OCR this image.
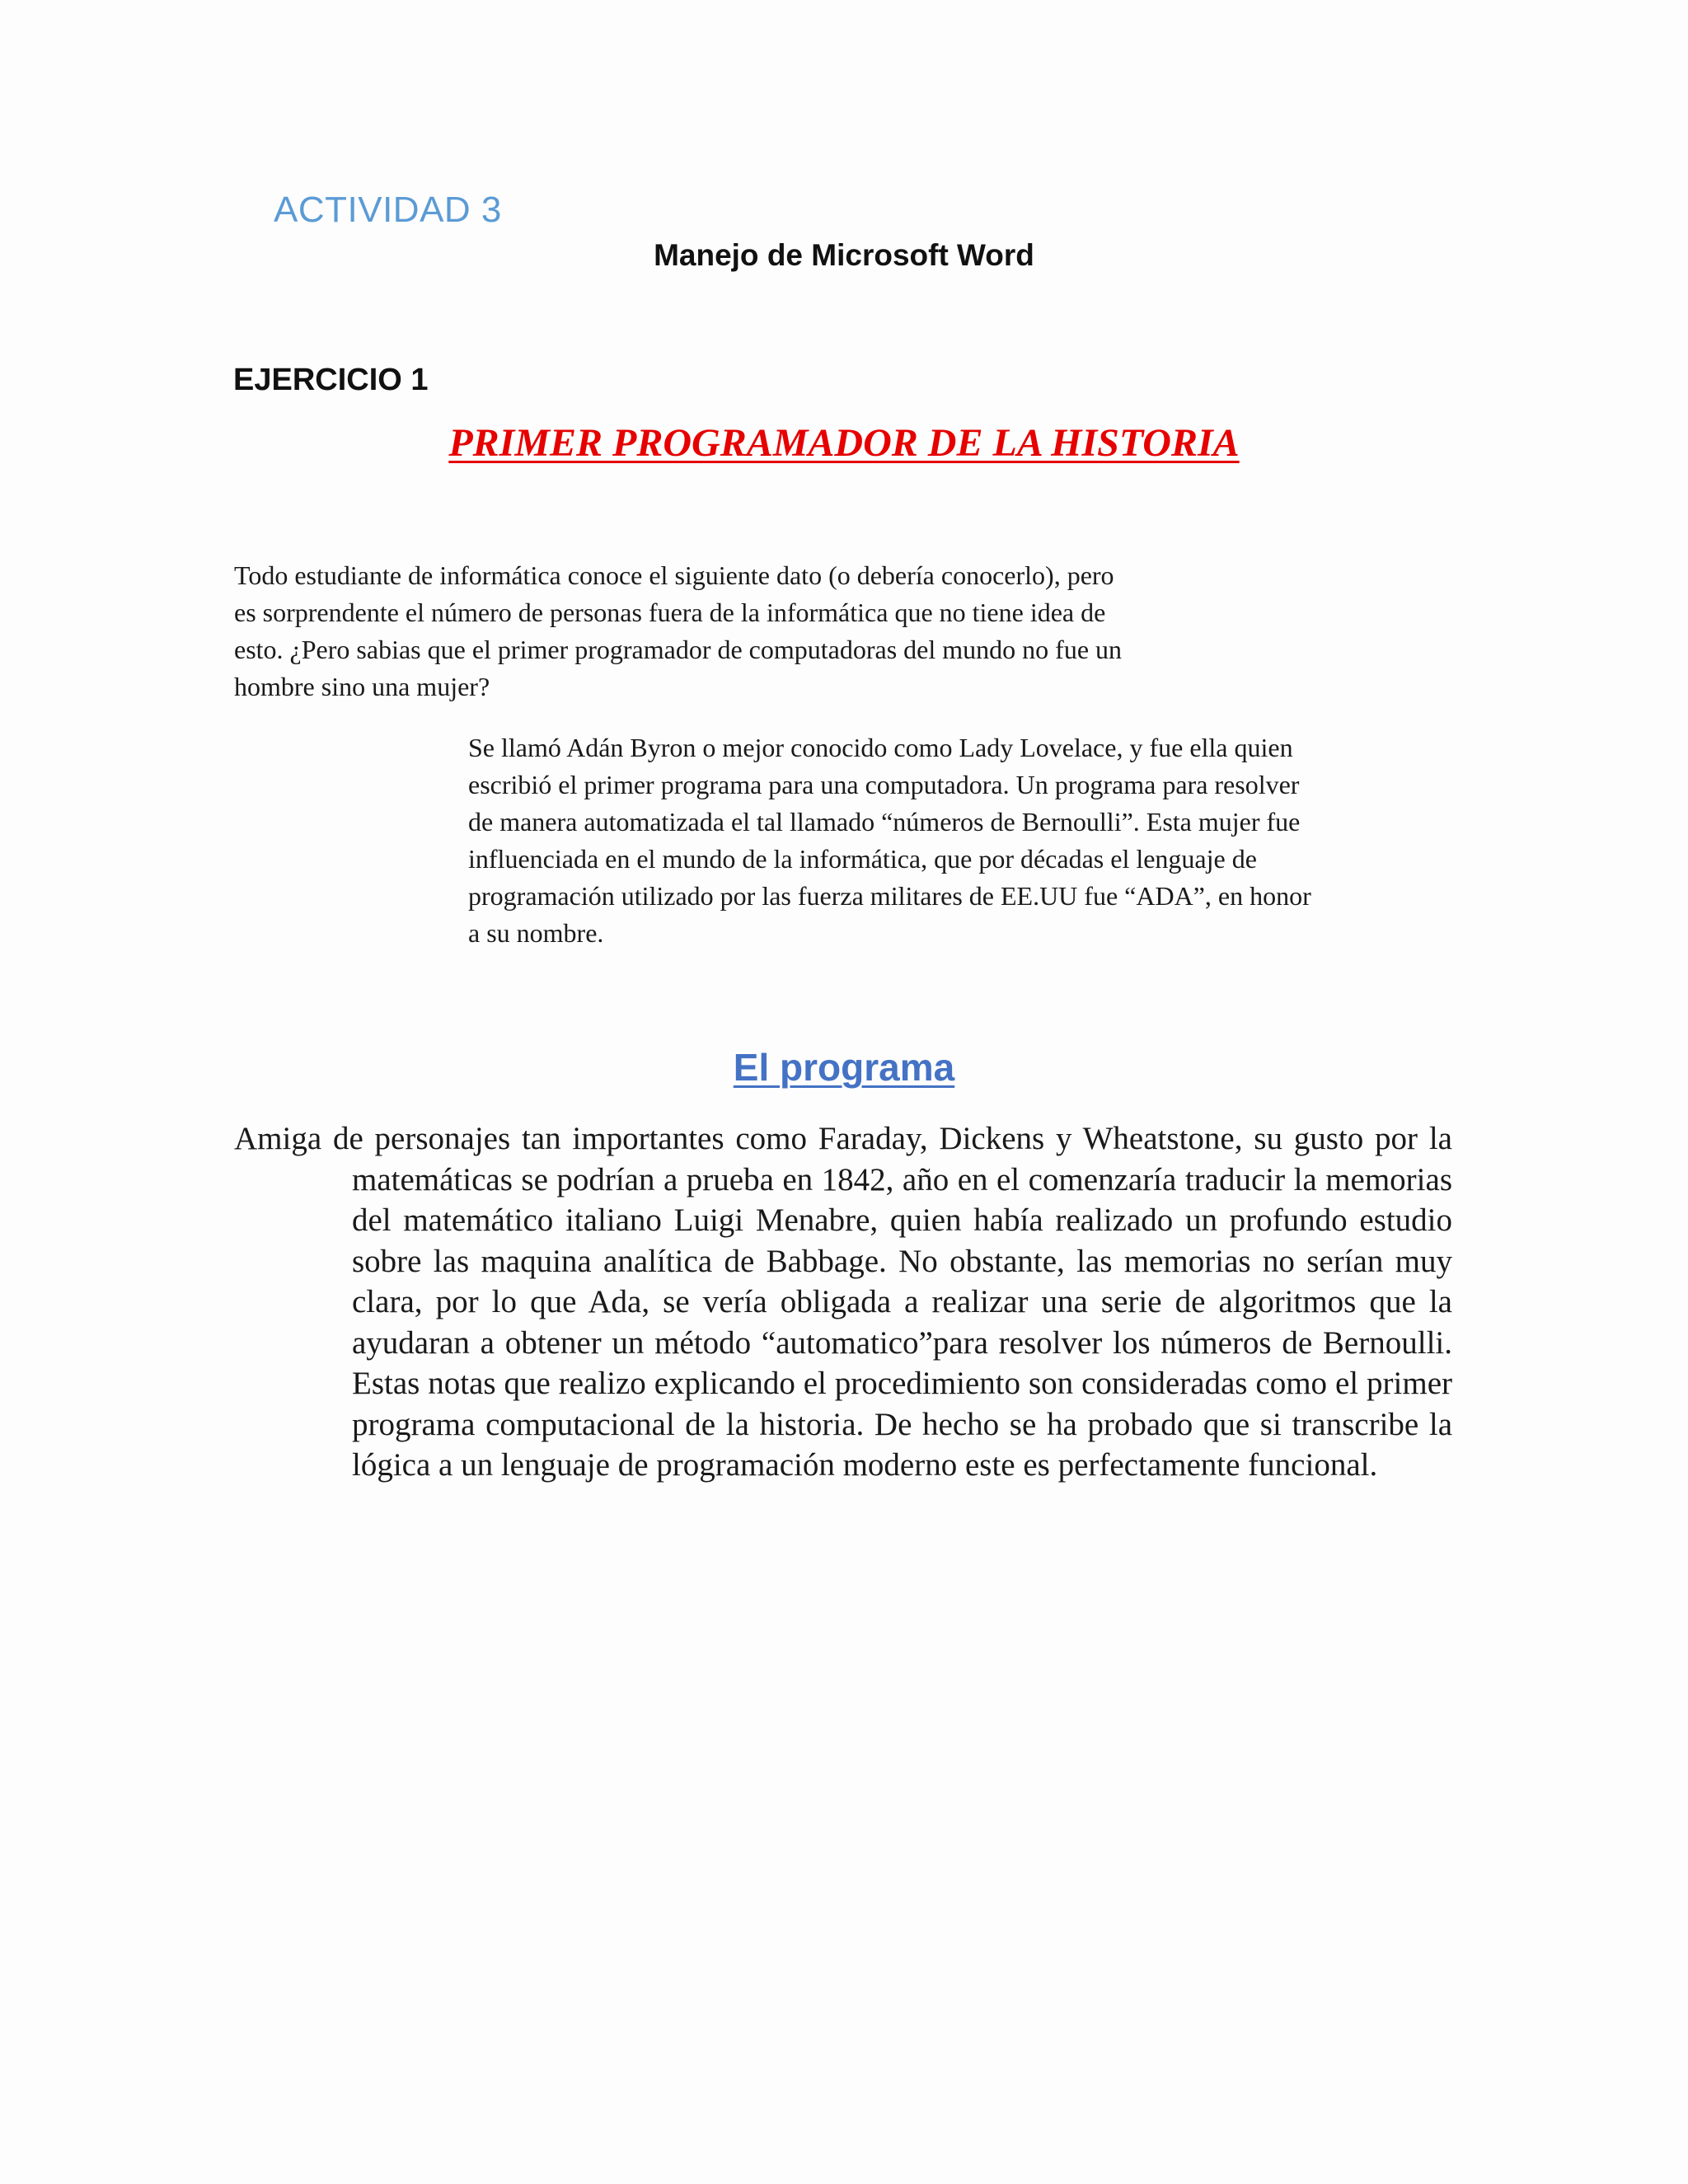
ACTIVIDAD 3

Manejo de Microsoft Word

EJERCICIO 1

PRIMER PROGRAMADOR DE LA HISTORIA

Todo estudiante de informática conoce el siguiente dato (o debería conocerlo), pero
es sorprendente el número de personas fuera de la informática que no tiene idea de
esto. ¿Pero sabias que el primer programador de computadoras del mundo no fue un
hombre sino una mujer?

Se llamó Adán Byron o mejor conocido como Lady Lovelace, y fue ella quien
escribió el primer programa para una computadora. Un programa para resolver
de manera automatizada el tal llamado “números de Bernoulli”. Esta mujer fue
influenciada en el mundo de la informática, que por décadas el lenguaje de
programación utilizado por las fuerza militares de EE.UU fue “ADA”, en honor
a su nombre.

El programa

Amiga de personajes tan importantes como Faraday, Dickens y Wheatstone, su gusto por la matemáticas se podrían a prueba en 1842, año en el comenzaría traducir la memorias del matemático italiano Luigi Menabre, quien había realizado un profundo estudio sobre las maquina analítica de Babbage. No obstante, las memorias no serían muy clara, por lo que Ada, se vería obligada a realizar una serie de algoritmos que la ayudaran a obtener un método “automatico”para resolver los números de Bernoulli. Estas notas que realizo explicando el procedimiento son consideradas como el primer programa computacional de la historia. De hecho se ha probado que si transcribe la lógica a un lenguaje de programación moderno este es perfectamente funcional.
